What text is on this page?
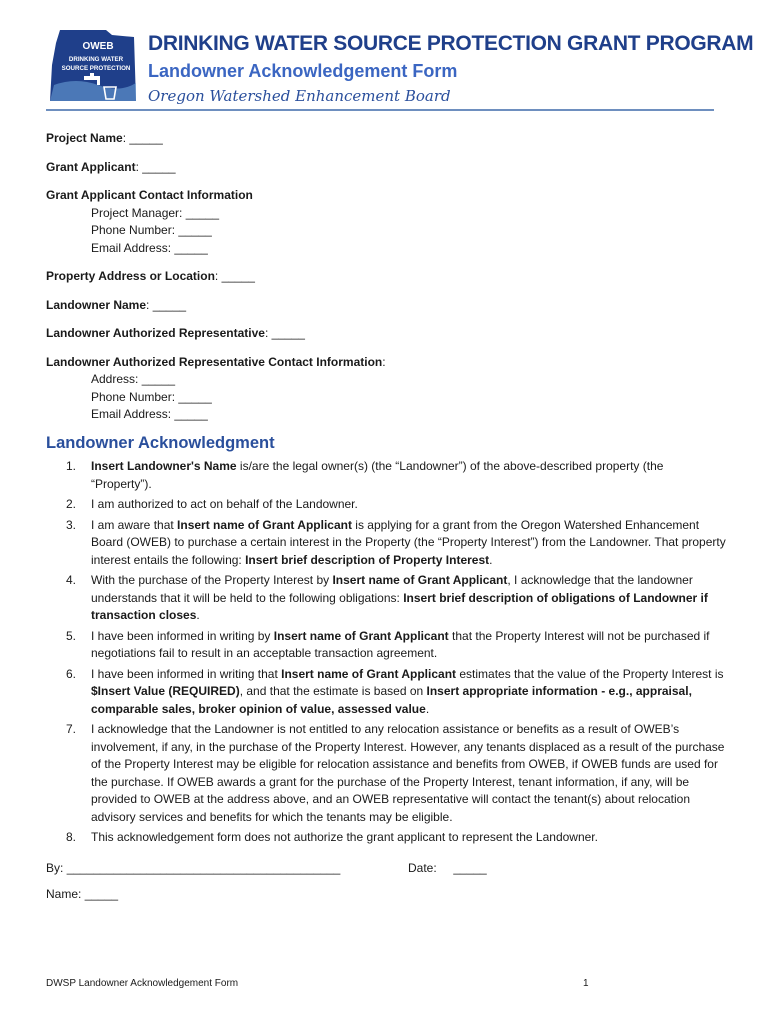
OWEB
DRINKING WATER
SOURCE PROTECTION
DRINKING WATER SOURCE PROTECTION GRANT PROGRAM
Landowner Acknowledgement Form
Oregon Watershed Enhancement Board
Project Name: _____
Grant Applicant: _____
Grant Applicant Contact Information
Project Manager: _____
Phone Number: _____
Email Address: _____
Property Address or Location: _____
Landowner Name: _____
Landowner Authorized Representative: _____
Landowner Authorized Representative Contact Information:
Address: _____
Phone Number: _____
Email Address: _____
Landowner Acknowledgment
1. Insert Landowner's Name is/are the legal owner(s) (the “Landowner”) of the above-described property (the “Property”).
2. I am authorized to act on behalf of the Landowner.
3. I am aware that Insert name of Grant Applicant is applying for a grant from the Oregon Watershed Enhancement Board (OWEB) to purchase a certain interest in the Property (the “Property Interest”) from the Landowner. That property interest entails the following: Insert brief description of Property Interest.
4. With the purchase of the Property Interest by Insert name of Grant Applicant, I acknowledge that the landowner understands that it will be held to the following obligations: Insert brief description of obligations of Landowner if transaction closes.
5. I have been informed in writing by Insert name of Grant Applicant that the Property Interest will not be purchased if negotiations fail to result in an acceptable transaction agreement.
6. I have been informed in writing that Insert name of Grant Applicant estimates that the value of the Property Interest is $Insert Value (REQUIRED), and that the estimate is based on Insert appropriate information - e.g., appraisal, comparable sales, broker opinion of value, assessed value.
7. I acknowledge that the Landowner is not entitled to any relocation assistance or benefits as a result of OWEB’s involvement, if any, in the purchase of the Property Interest. However, any tenants displaced as a result of the purchase of the Property Interest may be eligible for relocation assistance and benefits from OWEB, if OWEB funds are used for the purchase. If OWEB awards a grant for the purchase of the Property Interest, tenant information, if any, will be provided to OWEB at the address above, and an OWEB representative will contact the tenant(s) about relocation advisory services and benefits for which the tenants may be eligible.
8. This acknowledgement form does not authorize the grant applicant to represent the Landowner.
By: _________________________________________	Date: _____
Name: _____
DWSP Landowner Acknowledgement Form	1
